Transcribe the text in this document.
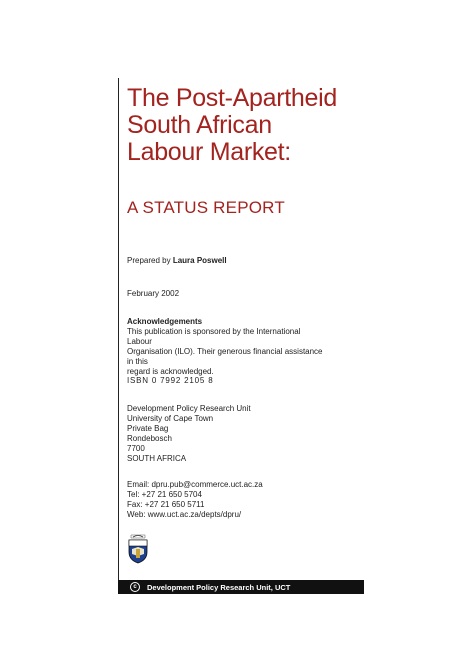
The Post-Apartheid
South African
Labour Market:
A STATUS REPORT
Prepared by Laura Poswell
February 2002
Acknowledgements
This publication is sponsored by the International Labour
Organisation (ILO). Their generous financial assistance in this
regard is acknowledged.
ISBN 0 7992 2105 8
Development Policy Research Unit
University of Cape Town
Private Bag
Rondebosch
7700
SOUTH AFRICA
Email: dpru.pub@commerce.uct.ac.za
Tel: +27 21 650 5704
Fax: +27 21 650 5711
Web: www.uct.ac.za/depts/dpru/
c	Development Policy Research Unit, UCT
